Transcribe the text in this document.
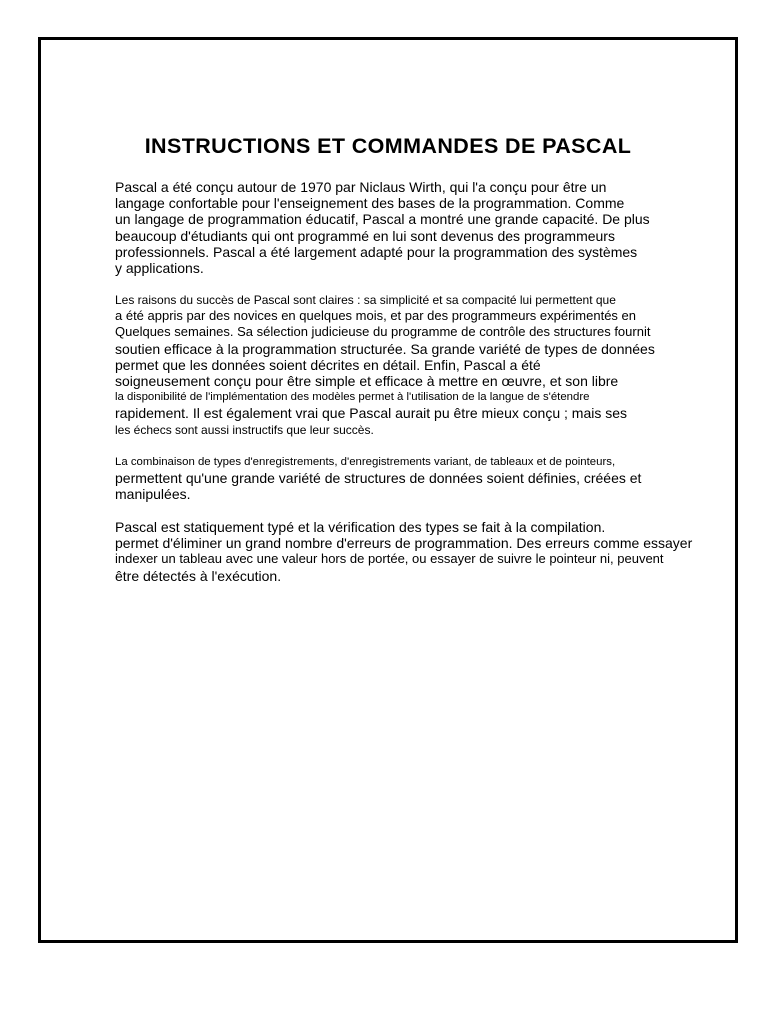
INSTRUCTIONS ET COMMANDES DE PASCAL

Pascal a été conçu autour de 1970 par Niclaus Wirth, qui l'a conçu pour être un
langage confortable pour l'enseignement des bases de la programmation. Comme
un langage de programmation éducatif, Pascal a montré une grande capacité. De plus
beaucoup d'étudiants qui ont programmé en lui sont devenus des programmeurs
professionnels. Pascal a été largement adapté pour la programmation des systèmes
y applications.

Les raisons du succès de Pascal sont claires : sa simplicité et sa compacité lui permettent que
a été appris par des novices en quelques mois, et par des programmeurs expérimentés en
Quelques semaines. Sa sélection judicieuse du programme de contrôle des structures fournit
soutien efficace à la programmation structurée. Sa grande variété de types de données
permet que les données soient décrites en détail. Enfin, Pascal a été
soigneusement conçu pour être simple et efficace à mettre en œuvre, et son libre
la disponibilité de l'implémentation des modèles permet à l'utilisation de la langue de s'étendre
rapidement. Il est également vrai que Pascal aurait pu être mieux conçu ; mais ses
les échecs sont aussi instructifs que leur succès.

La combinaison de types d'enregistrements, d'enregistrements variant, de tableaux et de pointeurs,
permettent qu'une grande variété de structures de données soient définies, créées et
manipulées.

Pascal est statiquement typé et la vérification des types se fait à la compilation.
permet d'éliminer un grand nombre d'erreurs de programmation. Des erreurs comme essayer
indexer un tableau avec une valeur hors de portée, ou essayer de suivre le pointeur ni, peuvent
être détectés à l'exécution.
